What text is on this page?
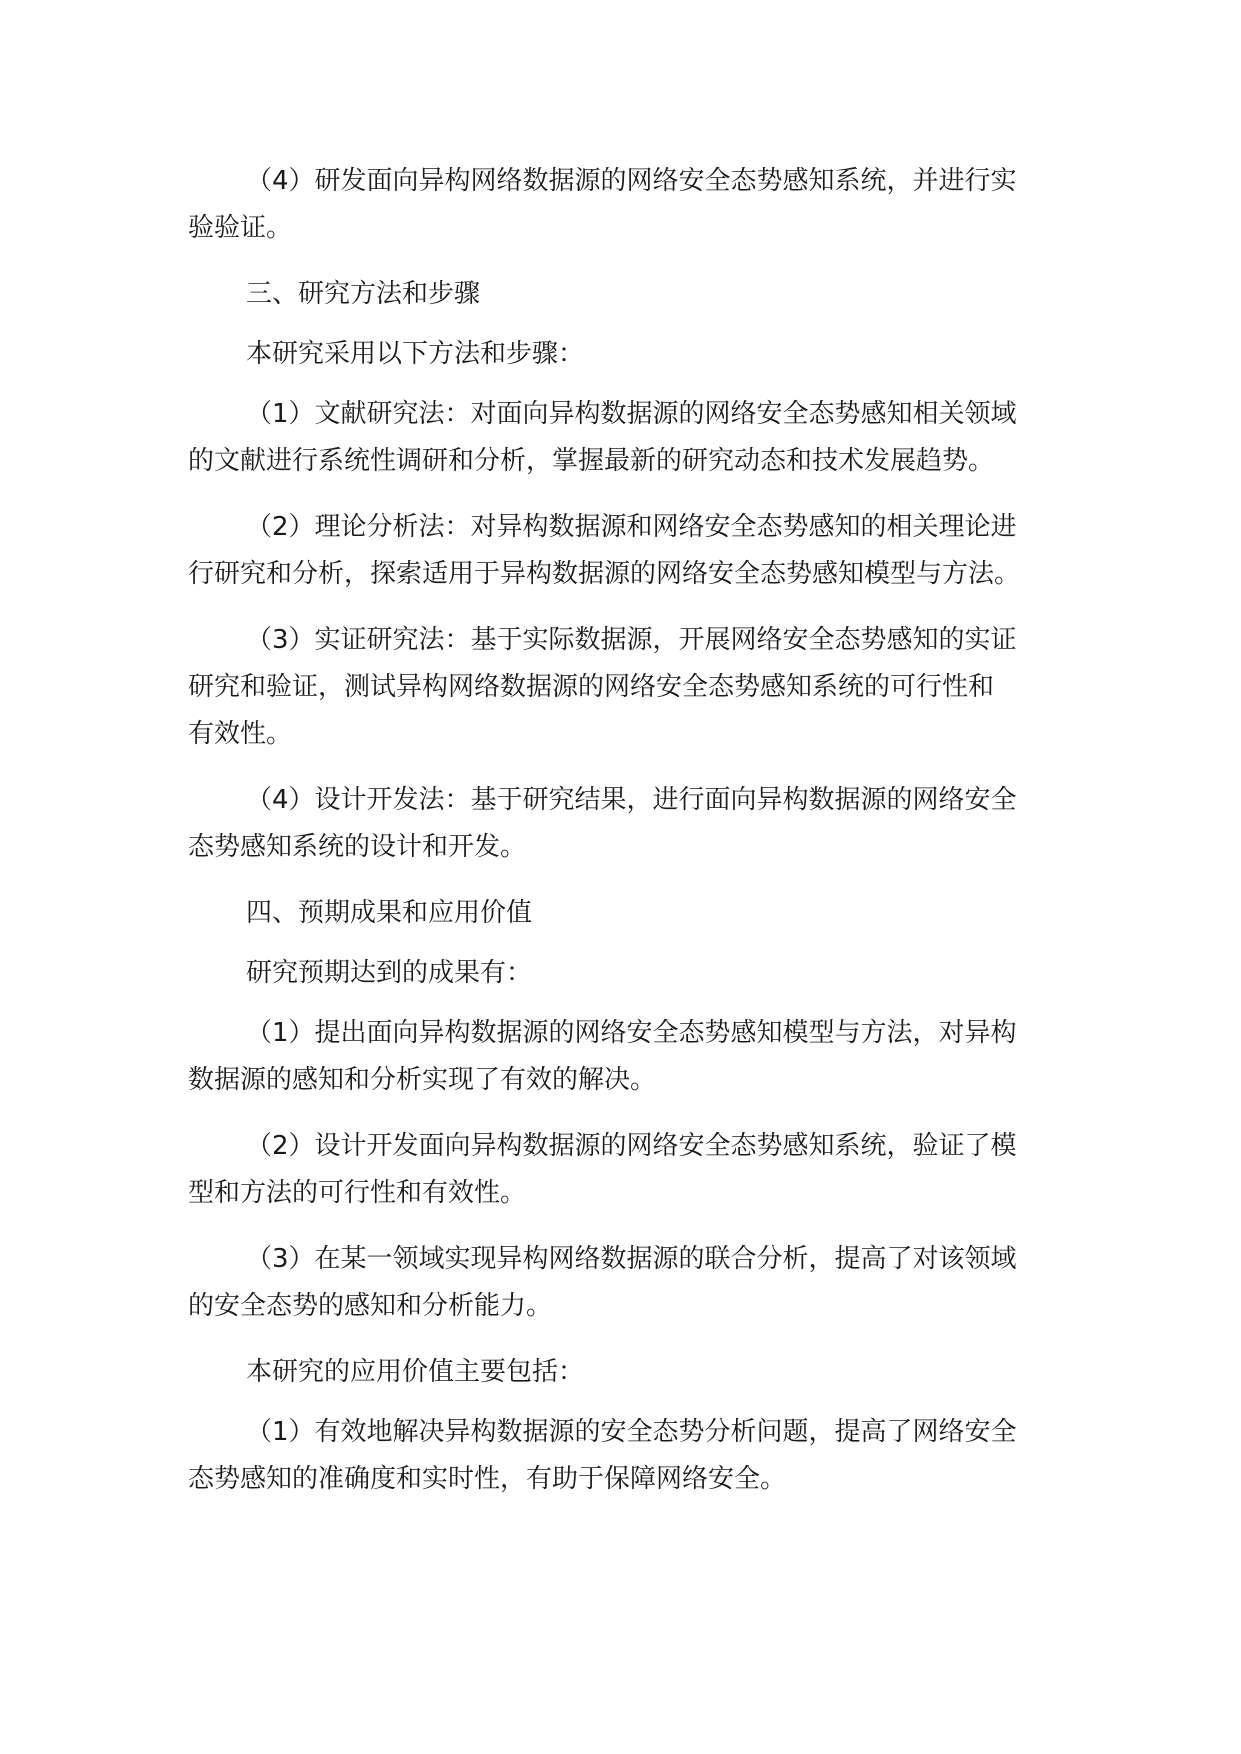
（4）研发面向异构网络数据源的网络安全态势感知系统，并进行实
验验证。

三、研究方法和步骤

本研究采用以下方法和步骤：

（1）文献研究法：对面向异构数据源的网络安全态势感知相关领域
的文献进行系统性调研和分析，掌握最新的研究动态和技术发展趋势。

（2）理论分析法：对异构数据源和网络安全态势感知的相关理论进
行研究和分析，探索适用于异构数据源的网络安全态势感知模型与方法。

（3）实证研究法：基于实际数据源，开展网络安全态势感知的实证
研究和验证，测试异构网络数据源的网络安全态势感知系统的可行性和
有效性。

（4）设计开发法：基于研究结果，进行面向异构数据源的网络安全
态势感知系统的设计和开发。

四、预期成果和应用价值

研究预期达到的成果有：

（1）提出面向异构数据源的网络安全态势感知模型与方法，对异构
数据源的感知和分析实现了有效的解决。

（2）设计开发面向异构数据源的网络安全态势感知系统，验证了模
型和方法的可行性和有效性。

（3）在某一领域实现异构网络数据源的联合分析，提高了对该领域
的安全态势的感知和分析能力。

本研究的应用价值主要包括：

（1）有效地解决异构数据源的安全态势分析问题，提高了网络安全
态势感知的准确度和实时性，有助于保障网络安全。
